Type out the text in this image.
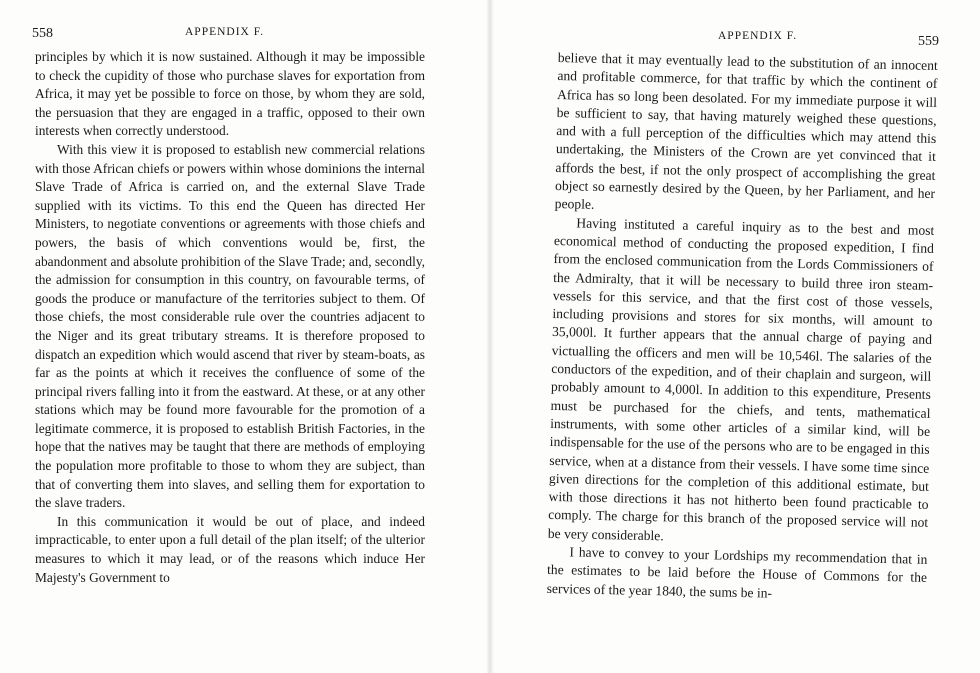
558	APPENDIX F.

principles by which it is now sustained. Although it may be impossible to check the cupidity of those who purchase slaves for exportation from Africa, it may yet be possible to force on those, by whom they are sold, the persuasion that they are engaged in a traffic, opposed to their own interests when correctly understood.

With this view it is proposed to establish new commercial relations with those African chiefs or powers within whose dominions the internal Slave Trade of Africa is carried on, and the external Slave Trade supplied with its victims. To this end the Queen has directed Her Ministers, to negotiate conventions or agreements with those chiefs and powers, the basis of which conventions would be, first, the abandonment and absolute prohibition of the Slave Trade; and, secondly, the admission for consumption in this country, on favourable terms, of goods the produce or manufacture of the territories subject to them. Of those chiefs, the most considerable rule over the countries adjacent to the Niger and its great tributary streams. It is therefore proposed to dispatch an expedition which would ascend that river by steam-boats, as far as the points at which it receives the confluence of some of the principal rivers falling into it from the eastward. At these, or at any other stations which may be found more favourable for the promotion of a legitimate commerce, it is proposed to establish British Factories, in the hope that the natives may be taught that there are methods of employing the population more profitable to those to whom they are subject, than that of converting them into slaves, and selling them for exportation to the slave traders.

In this communication it would be out of place, and indeed impracticable, to enter upon a full detail of the plan itself; of the ulterior measures to which it may lead, or of the reasons which induce Her Majesty's Government to

APPENDIX F.	559

believe that it may eventually lead to the substitution of an innocent and profitable commerce, for that traffic by which the continent of Africa has so long been desolated. For my immediate purpose it will be sufficient to say, that having maturely weighed these questions, and with a full perception of the difficulties which may attend this undertaking, the Ministers of the Crown are yet convinced that it affords the best, if not the only prospect of accomplishing the great object so earnestly desired by the Queen, by her Parliament, and her people.

Having instituted a careful inquiry as to the best and most economical method of conducting the proposed expedition, I find from the enclosed communication from the Lords Commissioners of the Admiralty, that it will be necessary to build three iron steam-vessels for this service, and that the first cost of those vessels, including provisions and stores for six months, will amount to 35,000l. It further appears that the annual charge of paying and victualling the officers and men will be 10,546l. The salaries of the conductors of the expedition, and of their chaplain and surgeon, will probably amount to 4,000l. In addition to this expenditure, Presents must be purchased for the chiefs, and tents, mathematical instruments, with some other articles of a similar kind, will be indispensable for the use of the persons who are to be engaged in this service, when at a distance from their vessels. I have some time since given directions for the completion of this additional estimate, but with those directions it has not hitherto been found practicable to comply. The charge for this branch of the proposed service will not be very considerable.

I have to convey to your Lordships my recommendation that in the estimates to be laid before the House of Commons for the services of the year 1840, the sums be in-
